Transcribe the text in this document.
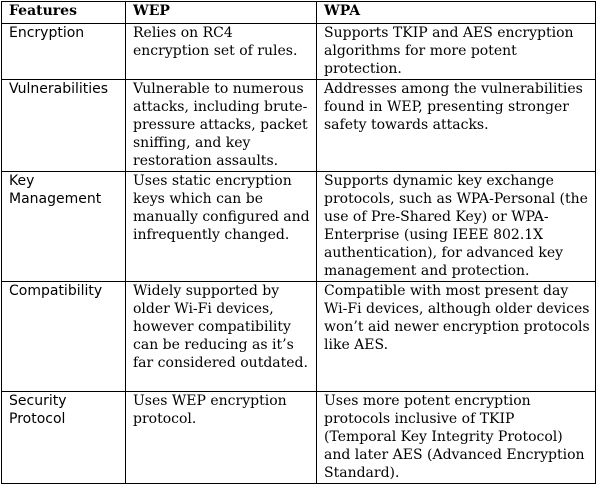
Features	WEP	WPA
Encryption	Relies on RC4 encryption set of rules.	Supports TKIP and AES encryption algorithms for more potent protection.
Vulnerabilities	Vulnerable to numerous attacks, including brute-pressure attacks, packet sniffing, and key restoration assaults.	Addresses among the vulnerabilities found in WEP, presenting stronger safety towards attacks.
Key Management	Uses static encryption keys which can be manually configured and infrequently changed.	Supports dynamic key exchange protocols, such as WPA-Personal (the use of Pre-Shared Key) or WPA-Enterprise (using IEEE 802.1X authentication), for advanced key management and protection.
Compatibility	Widely supported by older Wi-Fi devices, however compatibility can be reducing as it’s far considered outdated.	Compatible with most present day Wi-Fi devices, although older devices won’t aid newer encryption protocols like AES.
Security Protocol	Uses WEP encryption protocol.	Uses more potent encryption protocols inclusive of TKIP (Temporal Key Integrity Protocol) and later AES (Advanced Encryption Standard).
